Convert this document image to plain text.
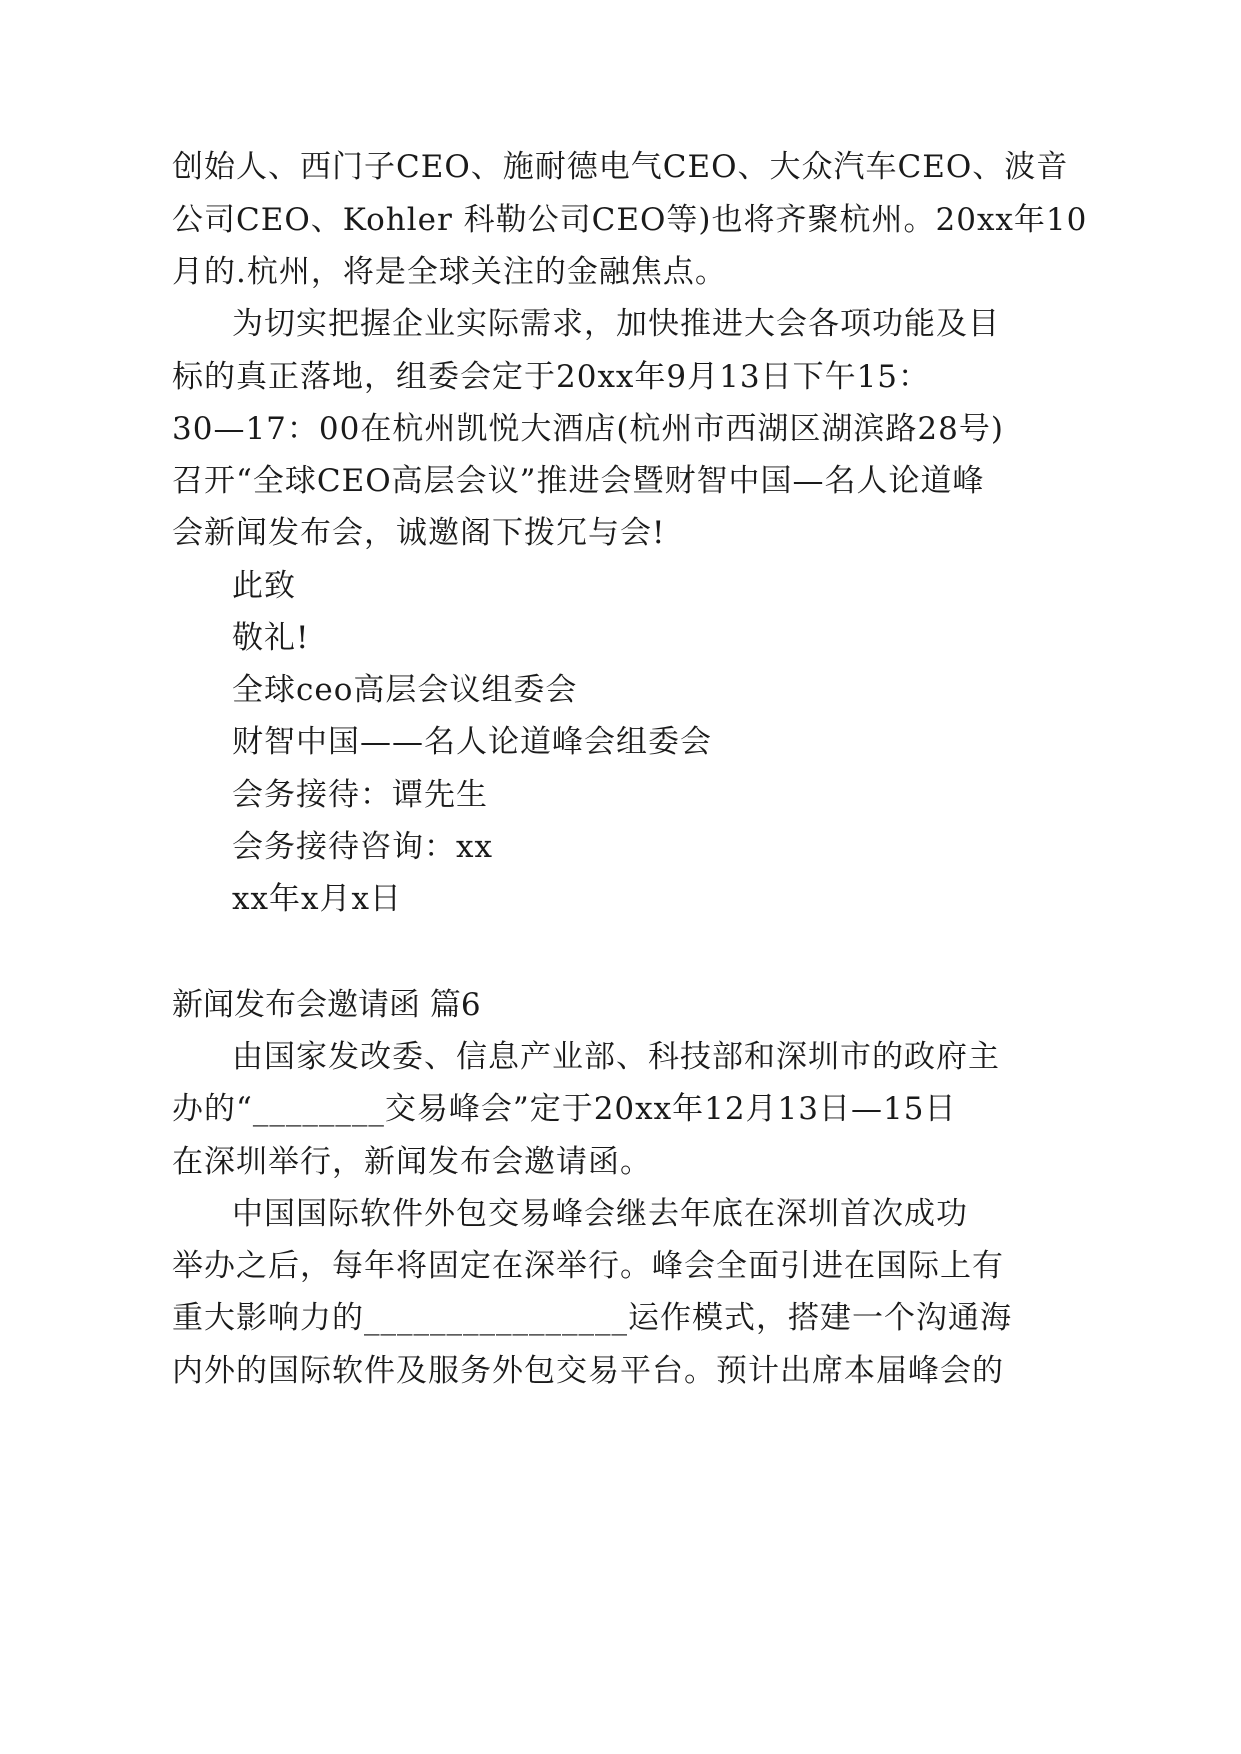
创始人、西门子CEO、施耐德电气CEO、大众汽车CEO、波音
公司CEO、Kohler 科勒公司CEO等)也将齐聚杭州。20xx年10
月的.杭州，将是全球关注的金融焦点。
为切实把握企业实际需求，加快推进大会各项功能及目
标的真正落地，组委会定于20xx年9月13日下午15：
30—17：00在杭州凯悦大酒店(杭州市西湖区湖滨路28号)
召开“全球CEO高层会议”推进会暨财智中国—名人论道峰
会新闻发布会，诚邀阁下拨冗与会!
此致
敬礼!
全球ceo高层会议组委会
财智中国——名人论道峰会组委会
会务接待：谭先生
会务接待咨询：xx
xx年x月x日
新闻发布会邀请函 篇6
由国家发改委、信息产业部、科技部和深圳市的政府主
办的“________交易峰会”定于20xx年12月13日—15日
在深圳举行，新闻发布会邀请函。
中国国际软件外包交易峰会继去年底在深圳首次成功
举办之后，每年将固定在深举行。峰会全面引进在国际上有
重大影响力的________________运作模式，搭建一个沟通海
内外的国际软件及服务外包交易平台。预计出席本届峰会的
